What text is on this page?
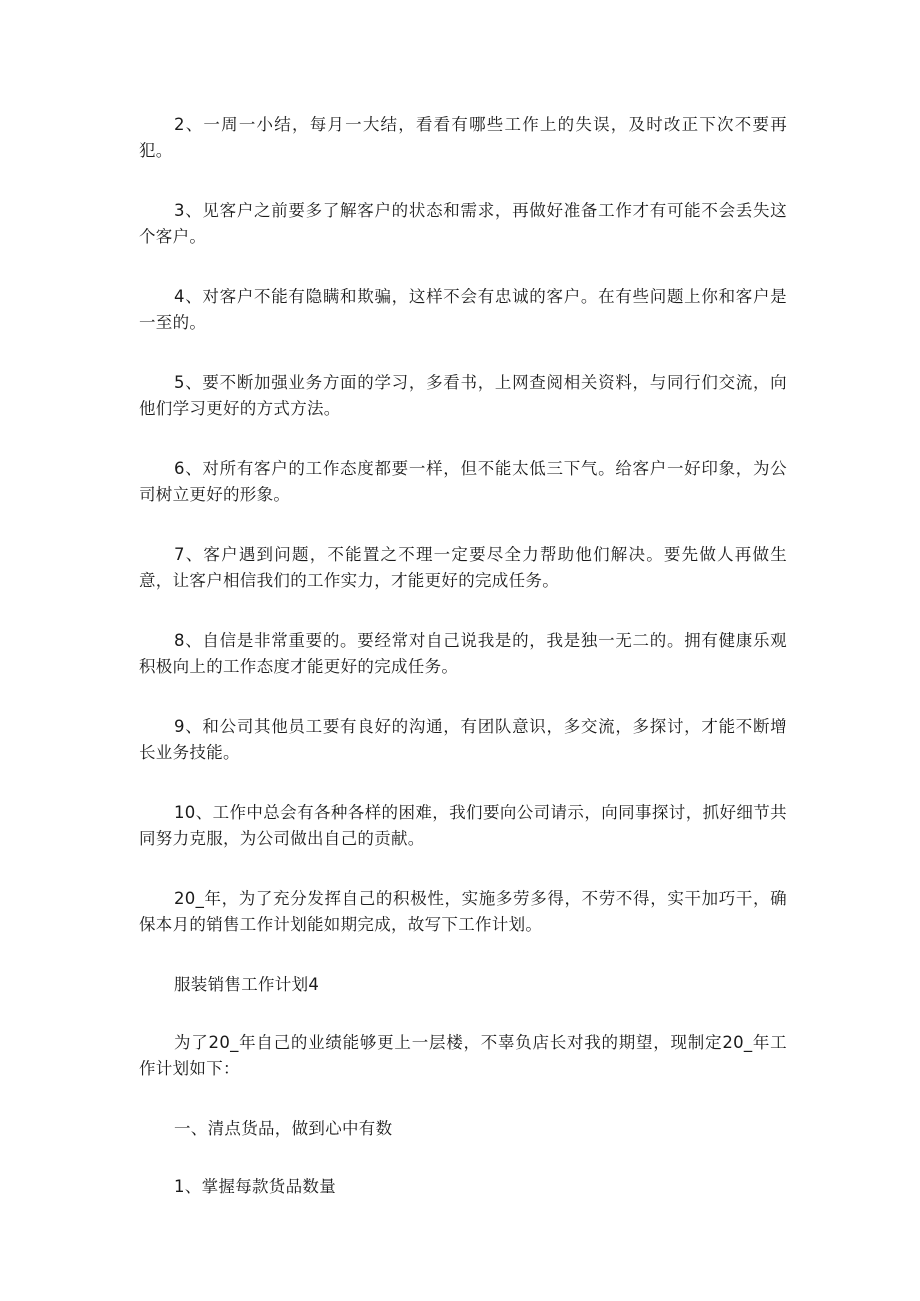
2、一周一小结，每月一大结，看看有哪些工作上的失误，及时改正下次不要再犯。

3、见客户之前要多了解客户的状态和需求，再做好准备工作才有可能不会丢失这个客户。

4、对客户不能有隐瞒和欺骗，这样不会有忠诚的客户。在有些问题上你和客户是一至的。

5、要不断加强业务方面的学习，多看书，上网查阅相关资料，与同行们交流，向他们学习更好的方式方法。

6、对所有客户的工作态度都要一样，但不能太低三下气。给客户一好印象，为公司树立更好的形象。

7、客户遇到问题，不能置之不理一定要尽全力帮助他们解决。要先做人再做生意，让客户相信我们的工作实力，才能更好的完成任务。

8、自信是非常重要的。要经常对自己说我是的，我是独一无二的。拥有健康乐观积极向上的工作态度才能更好的完成任务。

9、和公司其他员工要有良好的沟通，有团队意识，多交流，多探讨，才能不断增长业务技能。

10、工作中总会有各种各样的困难，我们要向公司请示，向同事探讨，抓好细节共同努力克服，为公司做出自己的贡献。

20_年，为了充分发挥自己的积极性，实施多劳多得，不劳不得，实干加巧干，确保本月的销售工作计划能如期完成，故写下工作计划。

服装销售工作计划4

为了20_年自己的业绩能够更上一层楼，不辜负店长对我的期望，现制定20_年工作计划如下：

一、清点货品，做到心中有数

1、掌握每款货品数量
